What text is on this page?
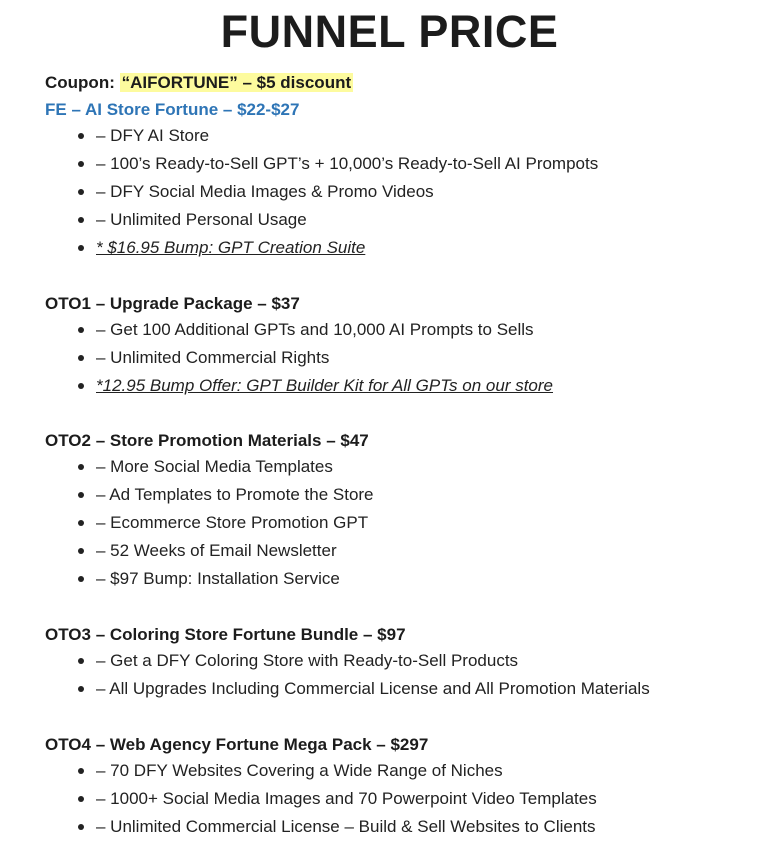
FUNNEL PRICE
Coupon: “AIFORTUNE” – $5 discount
FE – AI Store Fortune – $22-$27
– DFY AI Store
– 100’s Ready-to-Sell GPT’s + 10,000’s Ready-to-Sell AI Prompots
– DFY Social Media Images & Promo Videos
– Unlimited Personal Usage
* $16.95 Bump: GPT Creation Suite
OTO1 – Upgrade Package – $37
– Get 100 Additional GPTs and 10,000 AI Prompts to Sells
– Unlimited Commercial Rights
*12.95 Bump Offer: GPT Builder Kit for All GPTs on our store
OTO2 – Store Promotion Materials – $47
– More Social Media Templates
– Ad Templates to Promote the Store
– Ecommerce Store Promotion GPT
– 52 Weeks of Email Newsletter
– $97 Bump: Installation Service
OTO3 – Coloring Store Fortune Bundle – $97
– Get a DFY Coloring Store with Ready-to-Sell Products
– All Upgrades Including Commercial License and All Promotion Materials
OTO4 – Web Agency Fortune Mega Pack – $297
– 70 DFY Websites Covering a Wide Range of Niches
– 1000+ Social Media Images and 70 Powerpoint Video Templates
– Unlimited Commercial License – Build & Sell Websites to Clients
